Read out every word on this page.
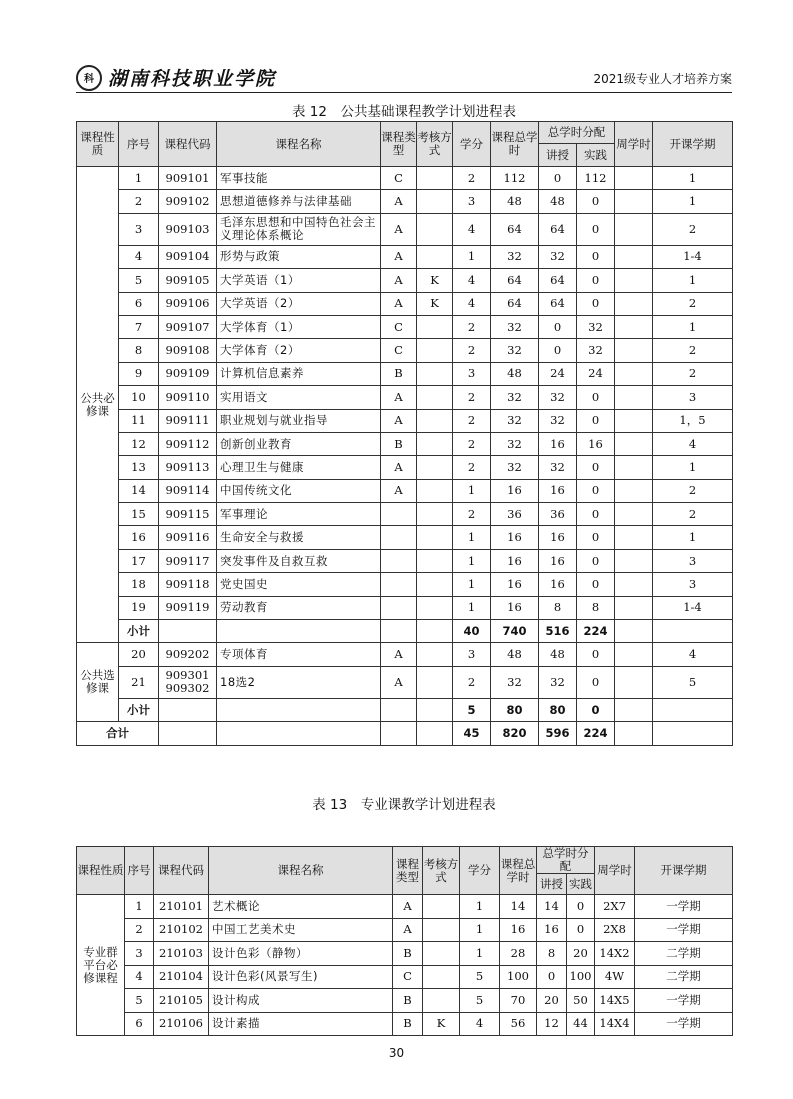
科 湖南科技职业学院	2021级专业人才培养方案
表 12　公共基础课程教学计划进程表
课程性质	序号	课程代码	课程名称	课程类型	考核方式	学分	课程总学时	总学时分配		周学时	开课学期
								讲授	实践		
公共必修课	1	909101	军事技能	C		2	112	0	112		1
	2	909102	思想道德修养与法律基础	A		3	48	48	0		1
	3	909103	毛泽东思想和中国特色社会主义理论体系概论	A		4	64	64	0		2
	4	909104	形势与政策	A		1	32	32	0		1-4
	5	909105	大学英语（1）	A	K	4	64	64	0		1
	6	909106	大学英语（2）	A	K	4	64	64	0		2
	7	909107	大学体育（1）	C		2	32	0	32		1
	8	909108	大学体育（2）	C		2	32	0	32		2
	9	909109	计算机信息素养	B		3	48	24	24		2
	10	909110	实用语文	A		2	32	32	0		3
	11	909111	职业规划与就业指导	A		2	32	32	0		1，5
	12	909112	创新创业教育	B		2	32	16	16		4
	13	909113	心理卫生与健康	A		2	32	32	0		1
	14	909114	中国传统文化	A		1	16	16	0		2
	15	909115	军事理论			2	36	36	0		2
	16	909116	生命安全与救援			1	16	16	0		1
	17	909117	突发事件及自救互救			1	16	16	0		3
	18	909118	党史国史			1	16	16	0		3
	19	909119	劳动教育			1	16	8	8		1-4
	小计					40	740	516	224		
公共选修课	20	909202	专项体育	A		3	48	48	0		4
	21	909301
909302	18选2	A		2	32	32	0		5
	小计					5	80	80	0		
合计						45	820	596	224		
表 13　专业课教学计划进程表
课程性质	序号	课程代码	课程名称	课程类型	考核方式	学分	课程总学时	总学时分配		周学时	开课学期
								讲授	实践		
专业群平台必修课程	1	210101	艺术概论	A		1	14	14	0	2X7	一学期
	2	210102	中国工艺美术史	A		1	16	16	0	2X8	一学期
	3	210103	设计色彩（静物）	B		1	28	8	20	14X2	二学期
	4	210104	设计色彩(风景写生)	C		5	100	0	100	4W	二学期
	5	210105	设计构成	B		5	70	20	50	14X5	一学期
	6	210106	设计素描	B	K	4	56	12	44	14X4	一学期
30
